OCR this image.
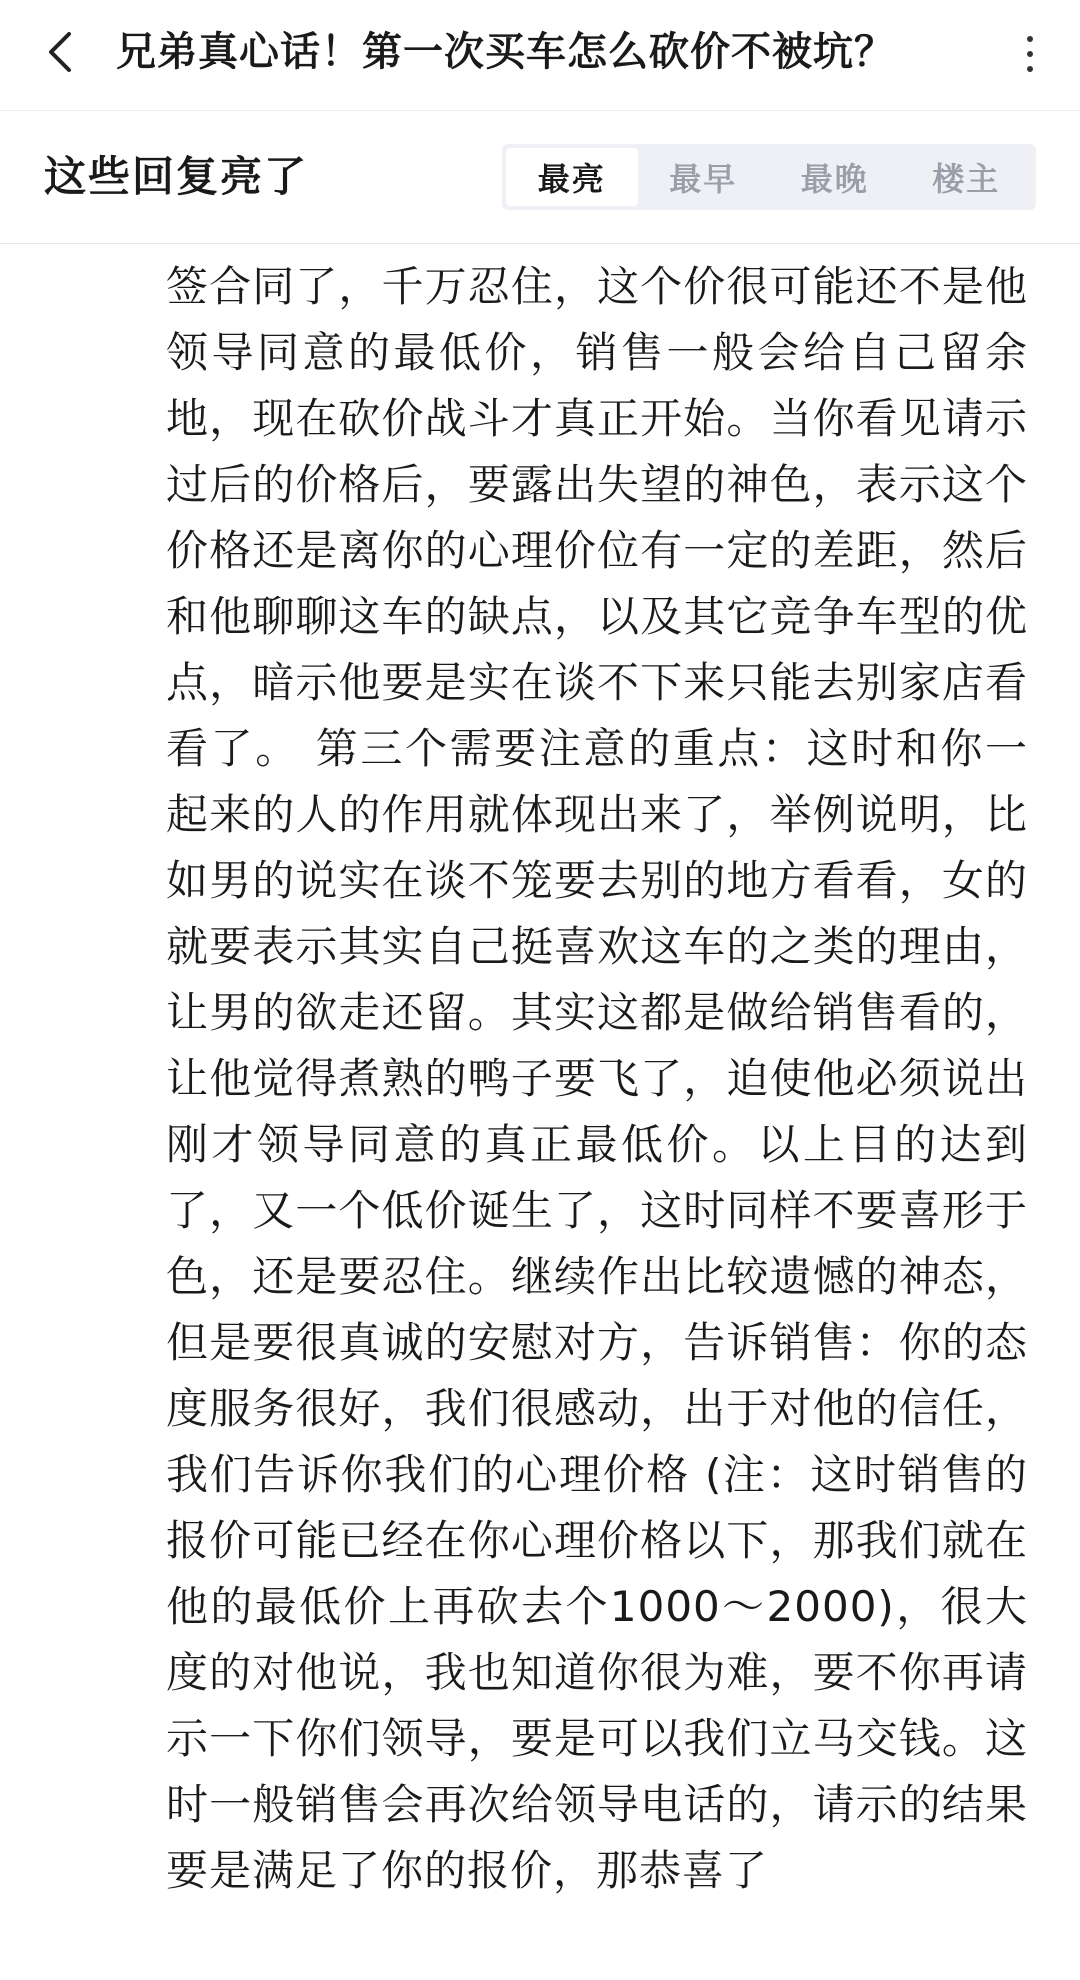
兄弟真心话！第一次买车怎么砍价不被坑？
这些回复亮了	最亮	最早	最晚	楼主

签合同了，千万忍住，这个价很可能还不是他领导同意的最低价，销售一般会给自己留余地，现在砍价战斗才真正开始。当你看见请示过后的价格后，要露出失望的神色，表示这个价格还是离你的心理价位有一定的差距，然后和他聊聊这车的缺点，以及其它竞争车型的优点，暗示他要是实在谈不下来只能去别家店看看了。 第三个需要注意的重点：这时和你一起来的人的作用就体现出来了，举例说明，比如男的说实在谈不笼要去别的地方看看，女的就要表示其实自己挺喜欢这车的之类的理由，让男的欲走还留。其实这都是做给销售看的，让他觉得煮熟的鸭子要飞了，迫使他必须说出刚才领导同意的真正最低价。以上目的达到了，又一个低价诞生了，这时同样不要喜形于色，还是要忍住。继续作出比较遗憾的神态，但是要很真诚的安慰对方，告诉销售：你的态度服务很好，我们很感动，出于对他的信任，我们告诉你我们的心理价格 (注：这时销售的报价可能已经在你心理价格以下，那我们就在他的最低价上再砍去个1000～2000)，很大度的对他说，我也知道你很为难，要不你再请示一下你们领导，要是可以我们立马交钱。这时一般销售会再次给领导电话的，请示的结果要是满足了你的报价，那恭喜了
